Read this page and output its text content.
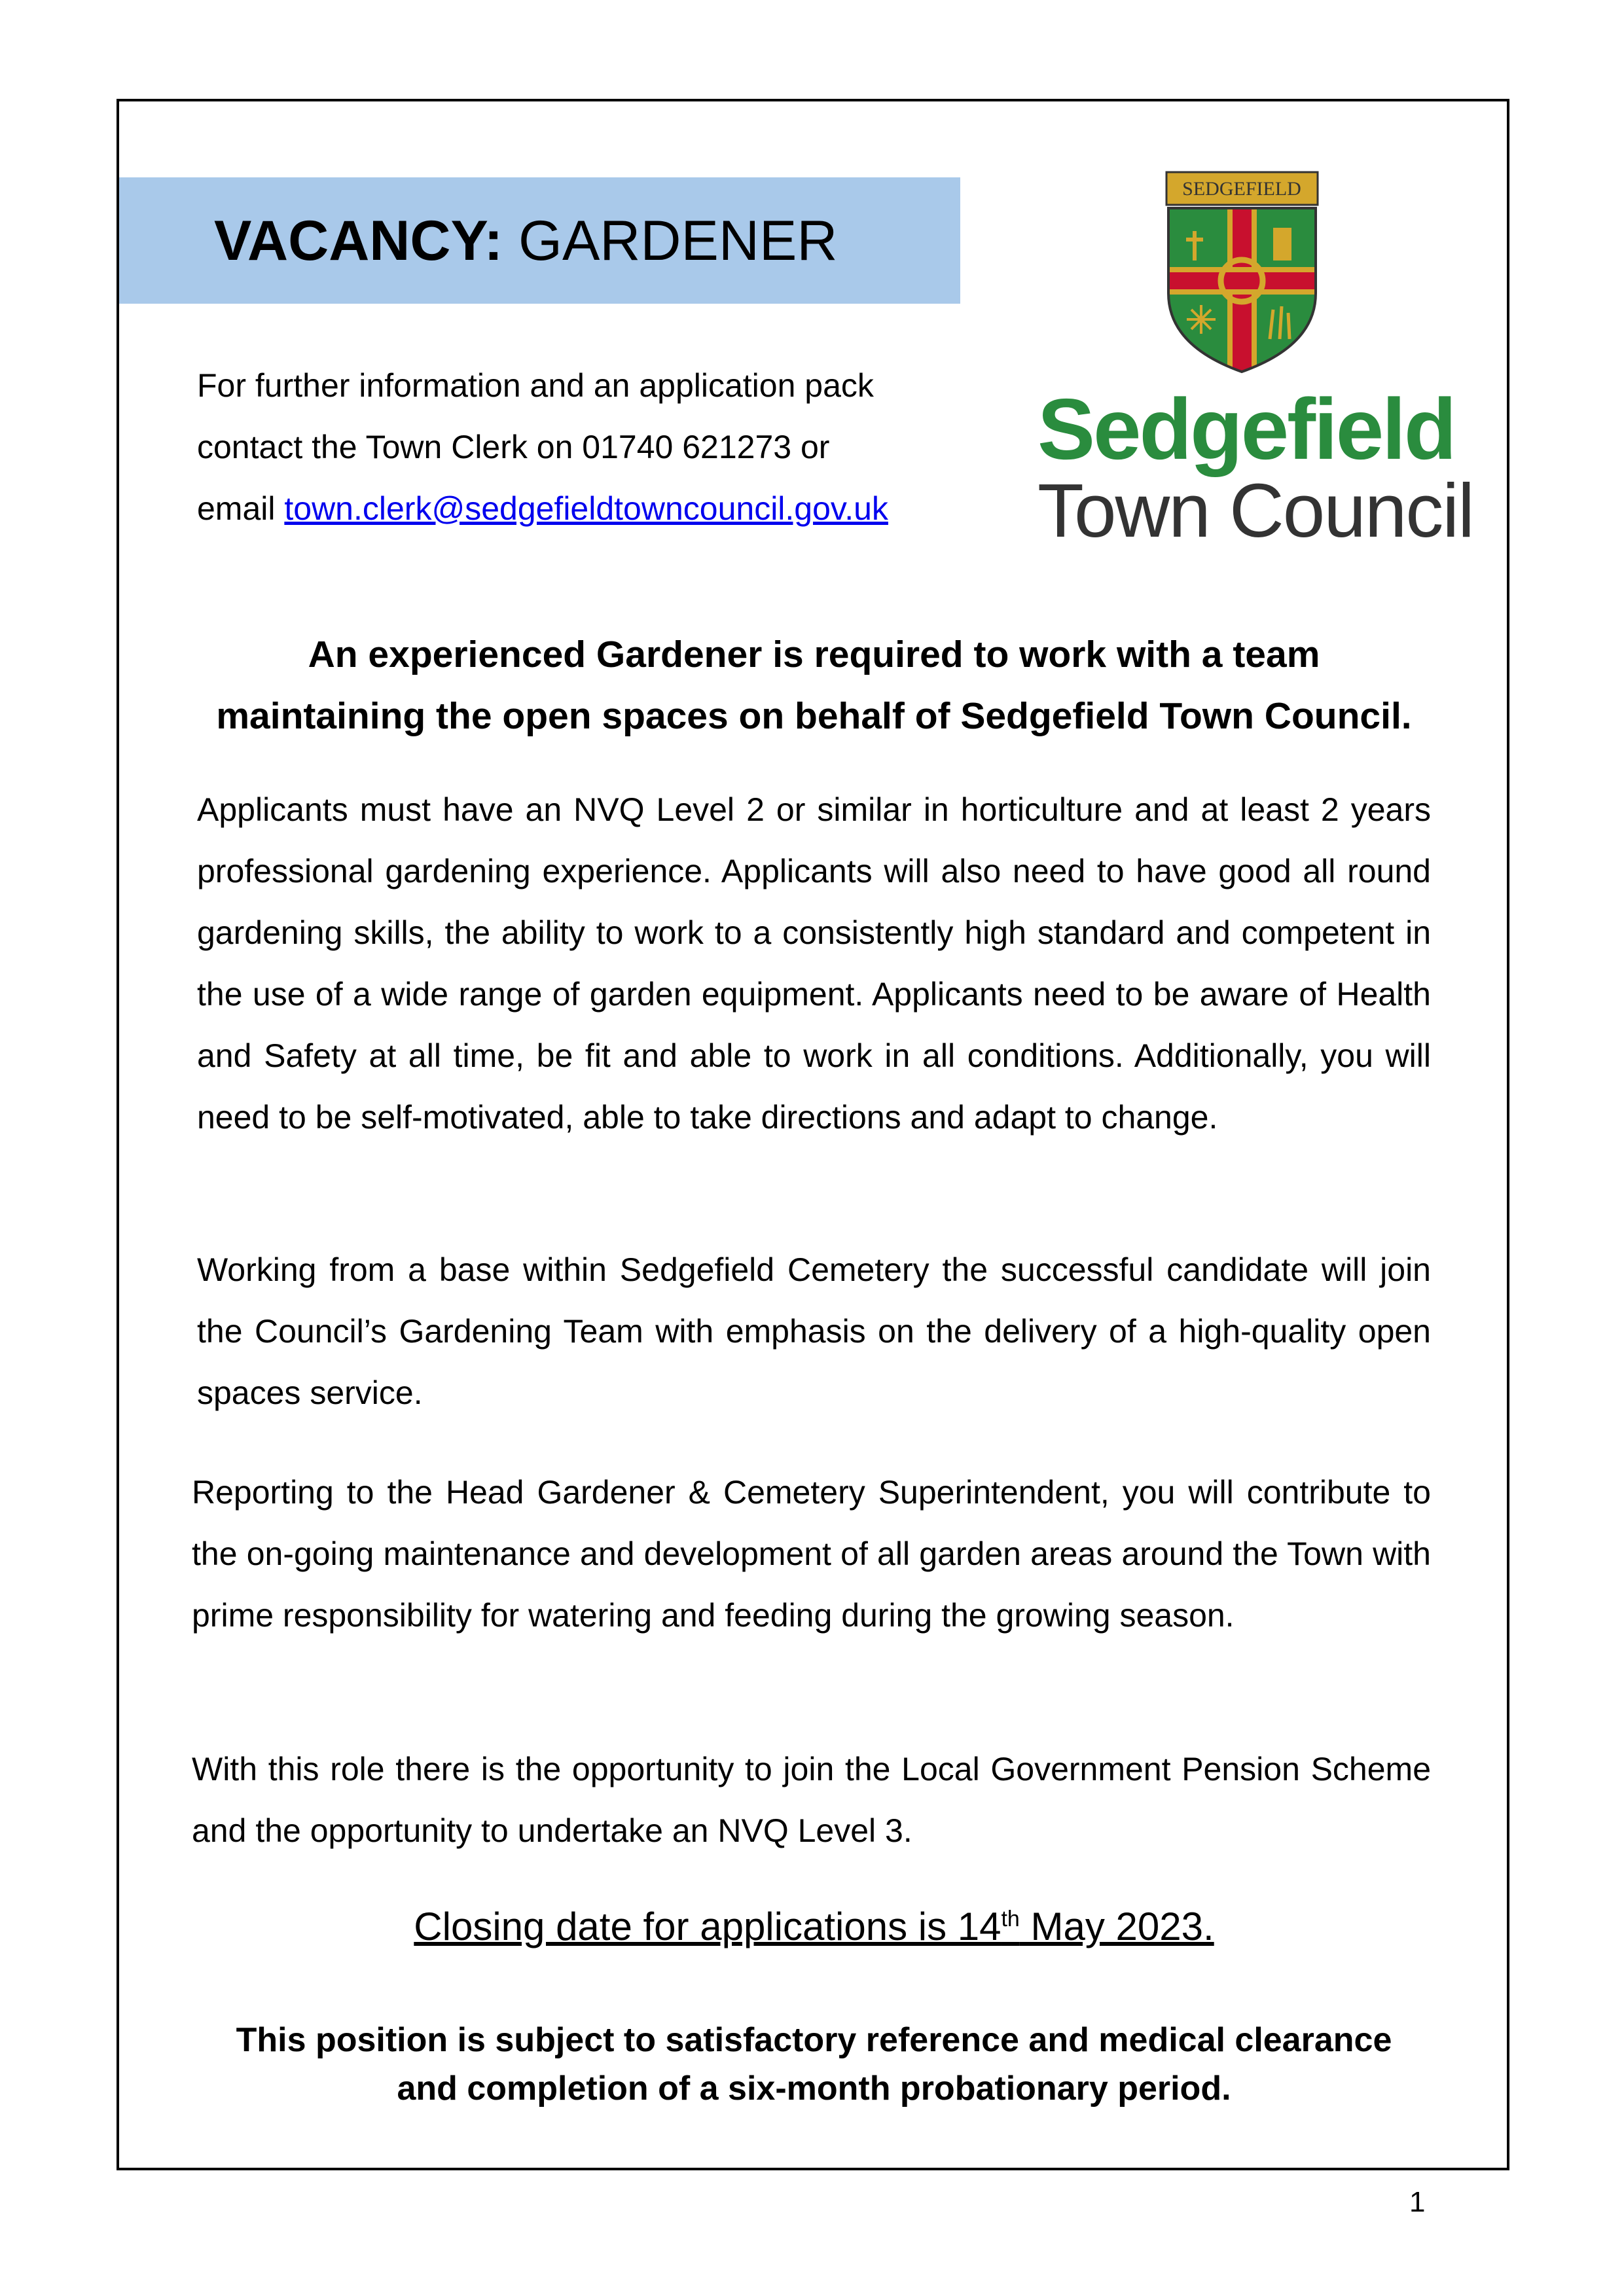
VACANCY: GARDENER
For further information and an application pack
contact the Town Clerk on 01740 621273 or
email town.clerk@sedgefieldtowncouncil.gov.uk
SEDGEFIELD
Sedgefield
Town Council
An experienced Gardener is required to work with a team
maintaining the open spaces on behalf of Sedgefield Town Council.

Applicants must have an NVQ Level 2 or similar in horticulture and at least 2 years professional gardening experience. Applicants will also need to have good all round gardening skills, the ability to work to a consistently high standard and competent in the use of a wide range of garden equipment. Applicants need to be aware of Health and Safety at all time, be fit and able to work in all conditions. Additionally, you will need to be self-motivated, able to take directions and adapt to change.

Working from a base within Sedgefield Cemetery the successful candidate will join the Council’s Gardening Team with emphasis on the delivery of a high-quality open spaces service.

Reporting to the Head Gardener & Cemetery Superintendent, you will contribute to the on-going maintenance and development of all garden areas around the Town with prime responsibility for watering and feeding during the growing season.

With this role there is the opportunity to join the Local Government Pension Scheme and the opportunity to undertake an NVQ Level 3.

Closing date for applications is 14th May 2023.
This position is subject to satisfactory reference and medical clearance
and completion of a six-month probationary period.
1
